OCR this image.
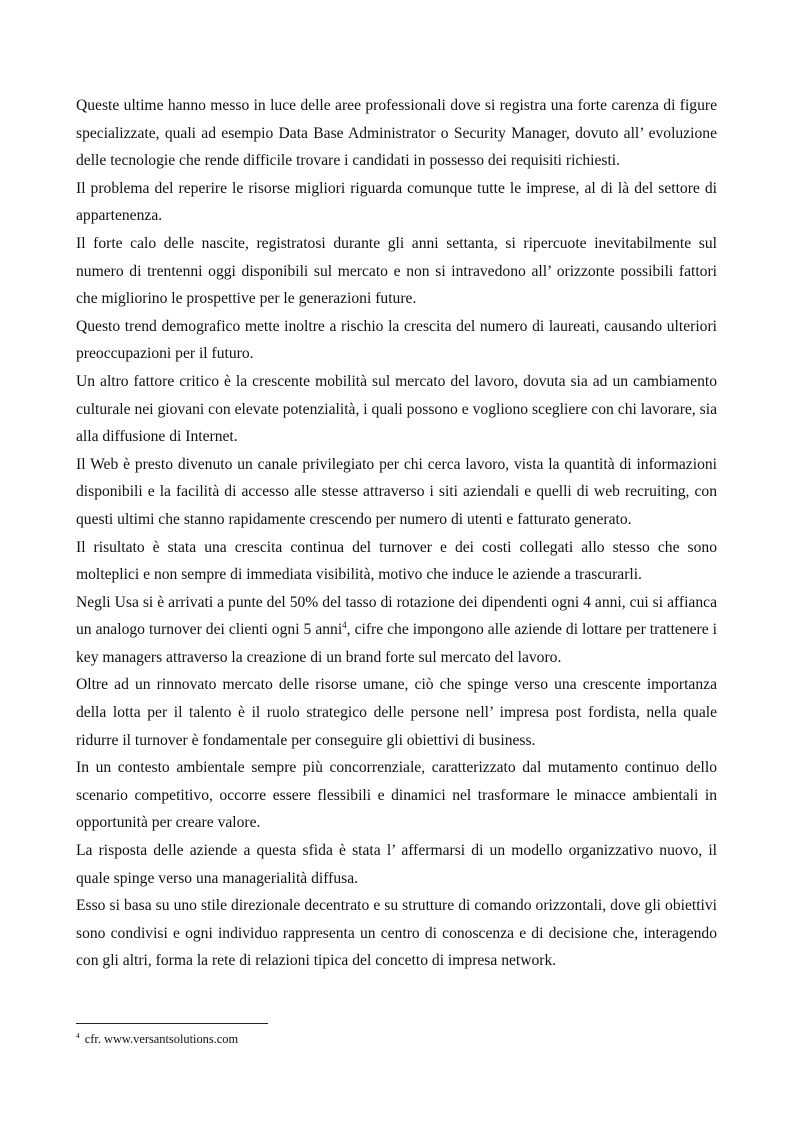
Queste ultime hanno messo in luce delle aree professionali dove si registra una forte carenza di figure specializzate, quali ad esempio Data Base Administrator o Security Manager, dovuto all’ evoluzione delle tecnologie che rende difficile trovare i candidati in possesso dei requisiti richiesti.

Il problema del reperire le risorse migliori riguarda comunque tutte le imprese, al di là del settore di appartenenza.

Il forte calo delle nascite, registratosi durante gli anni settanta, si ripercuote inevitabilmente sul numero di trentenni oggi disponibili sul mercato e non si intravedono all’ orizzonte possibili fattori che migliorino le prospettive per le generazioni future.

Questo trend demografico mette inoltre a rischio la crescita del numero di laureati, causando ulteriori preoccupazioni per il futuro.

Un altro fattore critico è la crescente mobilità sul mercato del lavoro, dovuta sia ad un cambiamento culturale nei giovani con elevate potenzialità, i quali possono e vogliono scegliere con chi lavorare, sia alla diffusione di Internet.

Il Web è presto divenuto un canale privilegiato per chi cerca lavoro, vista la quantità di informazioni disponibili e la facilità di accesso alle stesse attraverso i siti aziendali e quelli di web recruiting, con questi ultimi che stanno rapidamente crescendo per numero di utenti e fatturato generato.

Il risultato è stata una crescita continua del turnover e dei costi collegati allo stesso che sono molteplici e non sempre di immediata visibilità, motivo che induce le aziende a trascurarli.

Negli Usa si è arrivati a punte del 50% del tasso di rotazione dei dipendenti ogni 4 anni, cui si affianca un analogo turnover dei clienti ogni 5 anni$^4$, cifre che impongono alle aziende di lottare per trattenere i key managers attraverso la creazione di un brand forte sul mercato del lavoro.

Oltre ad un rinnovato mercato delle risorse umane, ciò che spinge verso una crescente importanza della lotta per il talento è il ruolo strategico delle persone nell’ impresa post fordista, nella quale ridurre il turnover è fondamentale per conseguire gli obiettivi di business.

In un contesto ambientale sempre più concorrenziale, caratterizzato dal mutamento continuo dello scenario competitivo, occorre essere flessibili e dinamici nel trasformare le minacce ambientali in opportunità per creare valore.

La risposta delle aziende a questa sfida è stata l’ affermarsi di un modello organizzativo nuovo, il quale spinge verso una managerialità diffusa.

Esso si basa su uno stile direzionale decentrato e su strutture di comando orizzontali, dove gli obiettivi sono condivisi e ogni individuo rappresenta un centro di conoscenza e di decisione che, interagendo con gli altri, forma la rete di relazioni tipica del concetto di impresa network.

$^4$ cfr. www.versantsolutions.com
